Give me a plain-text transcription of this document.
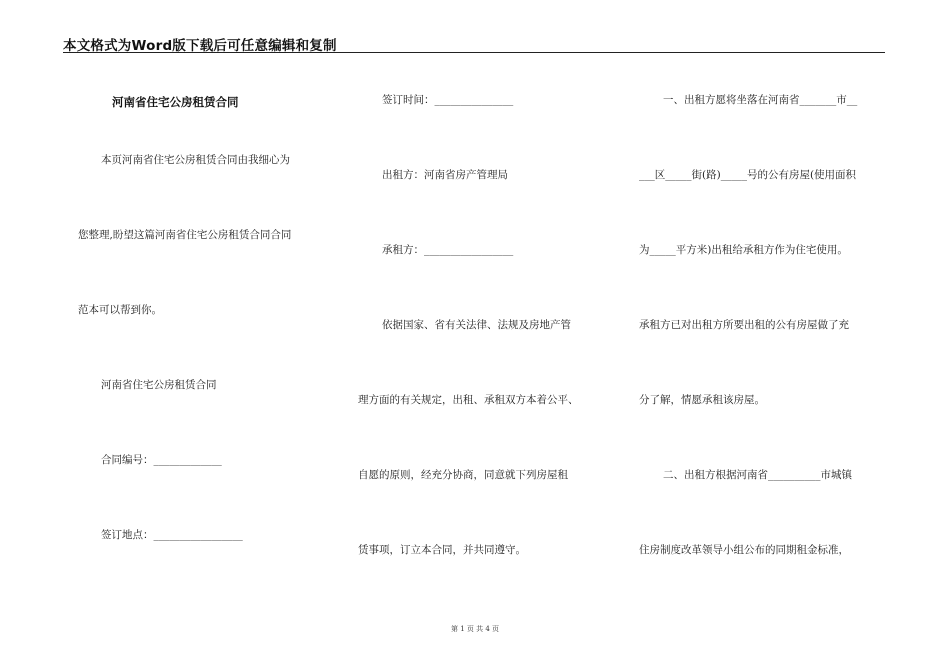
本文格式为Word版下载后可任意编辑和复制
河南省住宅公房租赁合同
本页河南省住宅公房租赁合同由我细心为
您整理,盼望这篇河南省住宅公房租赁合同合同
范本可以帮到你。
河南省住宅公房租赁合同
合同编号：_____________
签订地点：_________________
签订时间：_______________
出租方：河南省房产管理局
承租方：_________________
依据国家、省有关法律、法规及房地产管
理方面的有关规定，出租、承租双方本着公平、
自愿的原则，经充分协商，同意就下列房屋租
赁事项，订立本合同，并共同遵守。
一、出租方愿将坐落在河南省_______市__
___区_____街(路)_____号的公有房屋(使用面积
为_____平方米)出租给承租方作为住宅使用。
承租方已对出租方所要出租的公有房屋做了充
分了解，情愿承租该房屋。
二、出租方根据河南省__________市城镇
住房制度改革领导小组公布的同期租金标准，
第 1 页 共 4 页
